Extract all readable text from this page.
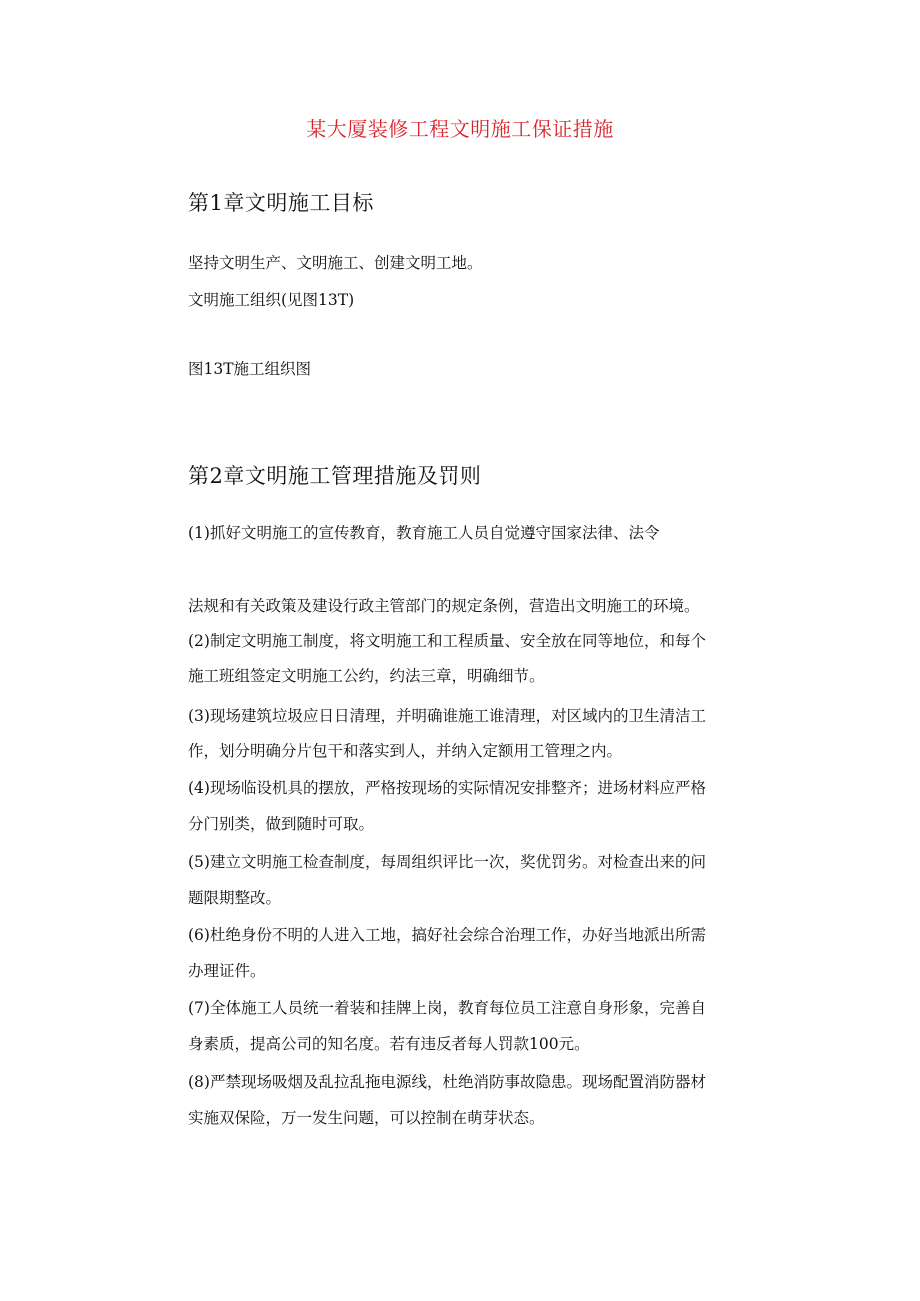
某大厦装修工程文明施工保证措施
第1章文明施工目标
坚持文明生产、文明施工、创建文明工地。
文明施工组织(见图13T)
图13T施工组织图
第2章文明施工管理措施及罚则
(1)抓好文明施工的宣传教育，教育施工人员自觉遵守国家法律、法令
法规和有关政策及建设行政主管部门的规定条例，营造出文明施工的环境。
(2)制定文明施工制度，将文明施工和工程质量、安全放在同等地位，和每个
施工班组签定文明施工公约，约法三章，明确细节。
(3)现场建筑垃圾应日日清理，并明确谁施工谁清理，对区域内的卫生清洁工
作，划分明确分片包干和落实到人，并纳入定额用工管理之内。
(4)现场临设机具的摆放，严格按现场的实际情况安排整齐；进场材料应严格
分门别类，做到随时可取。
(5)建立文明施工检查制度，每周组织评比一次，奖优罚劣。对检查出来的问
题限期整改。
(6)杜绝身份不明的人进入工地，搞好社会综合治理工作，办好当地派出所需
办理证件。
(7)全体施工人员统一着装和挂牌上岗，教育每位员工注意自身形象，完善自
身素质，提高公司的知名度。若有违反者每人罚款100元。
(8)严禁现场吸烟及乱拉乱拖电源线，杜绝消防事故隐患。现场配置消防器材
实施双保险，万一发生问题，可以控制在萌芽状态。
